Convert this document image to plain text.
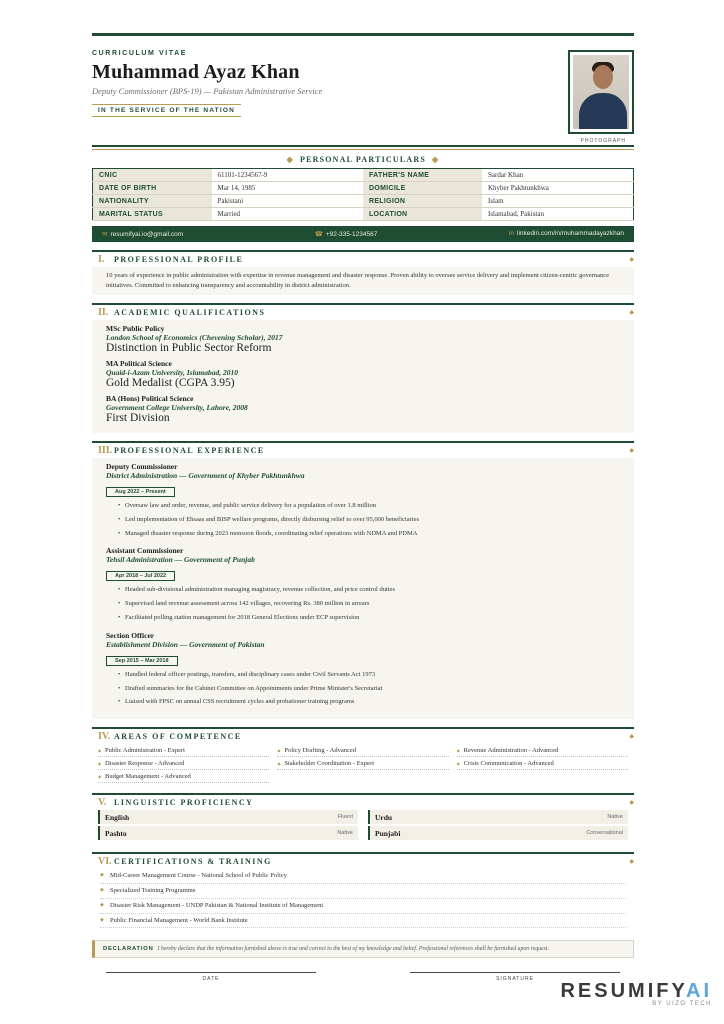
CURRICULUM VITAE
Muhammad Ayaz Khan
Deputy Commissioner (BPS-19) — Pakistan Administrative Service
IN THE SERVICE OF THE NATION
PHOTOGRAPH
◆ PERSONAL PARTICULARS ◆
CNIC	61101-1234567-9	FATHER'S NAME	Sardar Khan
DATE OF BIRTH	Mar 14, 1985	DOMICILE	Khyber Pakhtunkhwa
NATIONALITY	Pakistani	RELIGION	Islam
MARITAL STATUS	Married	LOCATION	Islamabad, Pakistan
✉ resumifyai.io@gmail.com	☎ +92-335-1234567	in linkedin.com/in/muhammadayazkhan
I.	PROFESSIONAL PROFILE	◆
10 years of experience in public administration with expertise in revenue management and disaster response. Proven ability to oversee service delivery and implement citizen-centric governance initiatives. Committed to enhancing transparency and accountability in district administration.
II. ACADEMIC QUALIFICATIONS	◆
MSc Public Policy
London School of Economics (Chevening Scholar), 2017
Distinction in Public Sector Reform
MA Political Science
Quaid-i-Azam University, Islamabad, 2010
Gold Medalist (CGPA 3.95)
BA (Hons) Political Science
Government College University, Lahore, 2008
First Division
III. PROFESSIONAL EXPERIENCE	◆
Deputy Commissioner
District Administration — Government of Khyber Pakhtunkhwa
Aug 2022 – Present
• Oversaw law and order, revenue, and public service delivery for a population of over 1.8 million
• Led implementation of Ehsaas and BISP welfare programs, directly disbursing relief to over 95,000 beneficiaries
• Managed disaster response during 2023 monsoon floods, coordinating relief operations with NDMA and PDMA
Assistant Commissioner
Tehsil Administration — Government of Punjab
Apr 2018 – Jul 2022
• Headed sub-divisional administration managing magistracy, revenue collection, and price control duties
• Supervised land revenue assessment across 142 villages, recovering Rs. 380 million in arrears
• Facilitated polling station management for 2018 General Elections under ECP supervision
Section Officer
Establishment Division — Government of Pakistan
Sep 2015 – Mar 2018
• Handled federal officer postings, transfers, and disciplinary cases under Civil Servants Act 1973
• Drafted summaries for the Cabinet Committee on Appointments under Prime Minister's Secretariat
• Liaised with FPSC on annual CSS recruitment cycles and probationer training programs
IV. AREAS OF COMPETENCE	◆
◆ Public Administration - Expert	◆ Policy Drafting - Advanced	◆ Revenue Administration - Advanced
◆ Disaster Response - Advanced	◆ Stakeholder Coordination - Expert	◆ Crisis Communication - Advanced
◆ Budget Management - Advanced
V. LINGUISTIC PROFICIENCY	◆
English	Fluent	Urdu	Native
Pashto	Native	Punjabi	Conversational
VI. CERTIFICATIONS & TRAINING	◆
◆ Mid-Career Management Course - National School of Public Policy
◆ Specialized Training Programme
◆ Disaster Risk Management - UNDP Pakistan & National Institute of Management
◆ Public Financial Management - World Bank Institute
DECLARATION I hereby declare that the information furnished above is true and correct to the best of my knowledge and belief. Professional references shall be furnished upon request.
DATE	SIGNATURE
RESUMIFYAI
BY UIZO TECH
